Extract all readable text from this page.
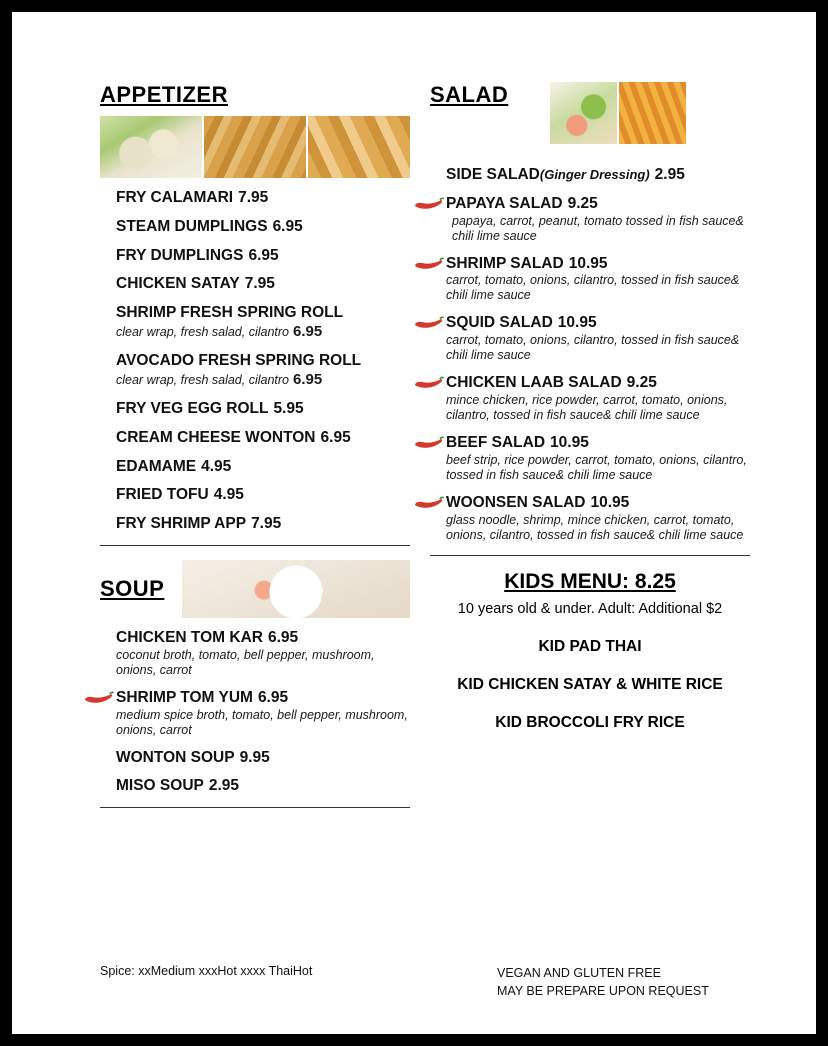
APPETIZER
FRY CALAMARI 7.95
STEAM DUMPLINGS 6.95
FRY DUMPLINGS 6.95
CHICKEN SATAY 7.95
SHRIMP FRESH SPRING ROLL
clear wrap, fresh salad, cilantro 6.95
AVOCADO FRESH SPRING ROLL
clear wrap, fresh salad, cilantro 6.95
FRY VEG EGG ROLL 5.95
CREAM CHEESE WONTON 6.95
EDAMAME 4.95
FRIED TOFU 4.95
FRY SHRIMP APP 7.95
SOUP
CHICKEN TOM KAR 6.95
coconut broth, tomato, bell pepper, mushroom, onions, carrot
SHRIMP TOM YUM 6.95
medium spice broth, tomato, bell pepper, mushroom, onions, carrot
WONTON SOUP 9.95
MISO SOUP 2.95
SALAD
SIDE SALAD(Ginger Dressing) 2.95
PAPAYA SALAD 9.25
papaya, carrot, peanut, tomato tossed in fish sauce& chili lime sauce
SHRIMP SALAD 10.95
carrot, tomato, onions, cilantro, tossed in fish sauce& chili lime sauce
SQUID SALAD 10.95
carrot, tomato, onions, cilantro, tossed in fish sauce& chili lime sauce
CHICKEN LAAB SALAD 9.25
mince chicken, rice powder, carrot, tomato, onions, cilantro, tossed in fish sauce& chili lime sauce
BEEF SALAD 10.95
beef strip, rice powder, carrot, tomato, onions, cilantro, tossed in fish sauce& chili lime sauce
WOONSEN SALAD 10.95
glass noodle, shrimp, mince chicken, carrot, tomato, onions, cilantro, tossed in fish sauce& chili lime sauce
KIDS MENU: 8.25
10 years old & under. Adult: Additional $2
KID PAD THAI
KID CHICKEN SATAY & WHITE RICE
KID BROCCOLI FRY RICE
Spice: xxMedium xxxHot xxxx ThaiHot	VEGAN AND GLUTEN FREE
MAY BE PREPARE UPON REQUEST
